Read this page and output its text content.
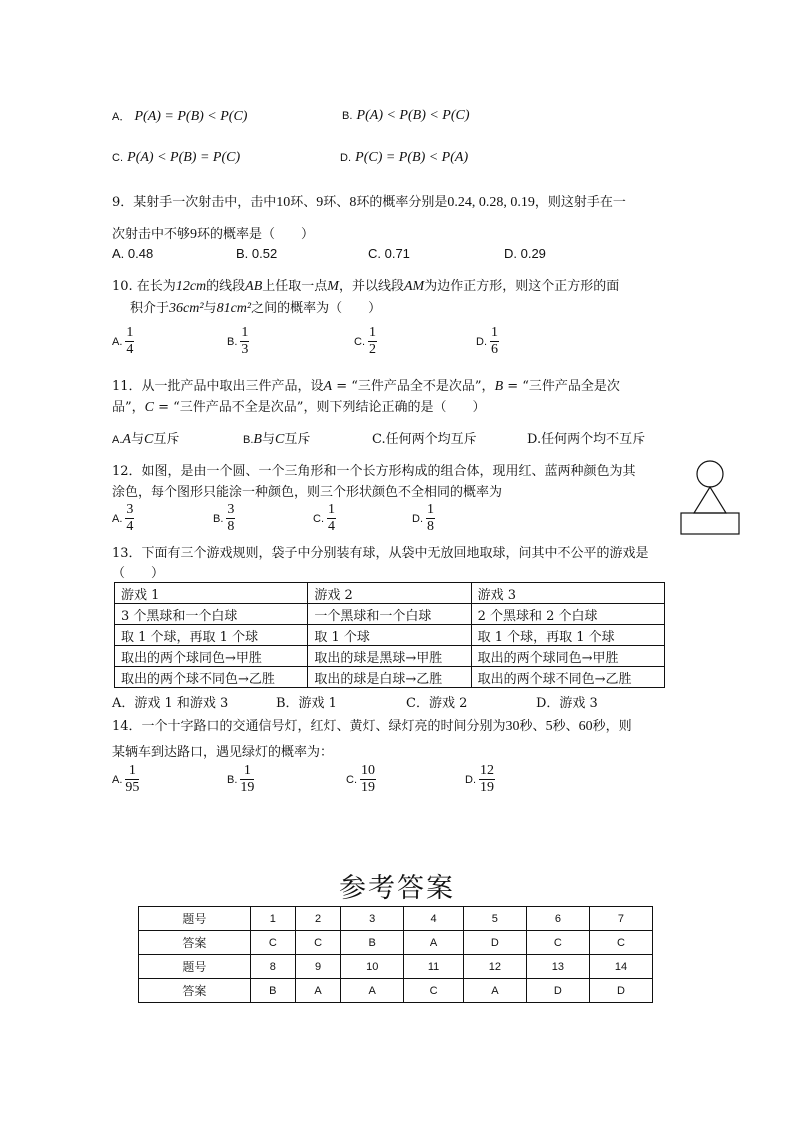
A． P(A) = P(B) < P(C)	B. P(A) < P(B) < P(C)
C. P(A) < P(B) = P(C)	D. P(C) = P(B) < P(A)
9．某射手一次射击中，击中10环、9环、8环的概率分别是0.24, 0.28, 0.19，则这射手在一
次射击中不够9环的概率是（　　）
A. 0.48	B. 0.52	C. 0.71	D. 0.29
10. 在长为12cm的线段AB上任取一点M，并以线段AM为边作正方形，则这个正方形的面
积介于36cm²与81cm²之间的概率为（　　）
A. $\frac{1}{4}$	B. $\frac{1}{3}$	C. $\frac{1}{2}$	D. $\frac{1}{6}$
11．从一批产品中取出三件产品，设A = “三件产品全不是次品”，B = “三件产品全是次
品”，C = “三件产品不全是次品”，则下列结论正确的是（　　）
A.A与C互斥	B.B与C互斥	C.任何两个均互斥	D.任何两个均不互斥
12．如图，是由一个圆、一个三角形和一个长方形构成的组合体，现用红、蓝两种颜色为其
涂色，每个图形只能涂一种颜色，则三个形状颜色不全相同的概率为
A. $\frac{3}{4}$	B. $\frac{3}{8}$	C. $\frac{1}{4}$	D. $\frac{1}{8}$
13．下面有三个游戏规则，袋子中分别装有球，从袋中无放回地取球，问其中不公平的游戏是
（　　）
游戏 1	游戏 2	游戏 3
3 个黑球和一个白球	一个黑球和一个白球	2 个黑球和 2 个白球
取 1 个球，再取 1 个球	取 1 个球	取 1 个球，再取 1 个球
取出的两个球同色→甲胜	取出的球是黑球→甲胜	取出的两个球同色→甲胜
取出的两个球不同色→乙胜	取出的球是白球→乙胜	取出的两个球不同色→乙胜
A．游戏 1 和游戏 3	B．游戏 1	C．游戏 2	D．游戏 3
14．一个十字路口的交通信号灯，红灯、黄灯、绿灯亮的时间分别为30秒、5秒、60秒，则
某辆车到达路口，遇见绿灯的概率为：
A. $\frac{1}{95}$	B. $\frac{1}{19}$	C. $\frac{10}{19}$	D. $\frac{12}{19}$
参考答案
题号	1	2	3	4	5	6	7
答案	C	C	B	A	D	C	C
题号	8	9	10	11	12	13	14
答案	B	A	A	C	A	D	D
